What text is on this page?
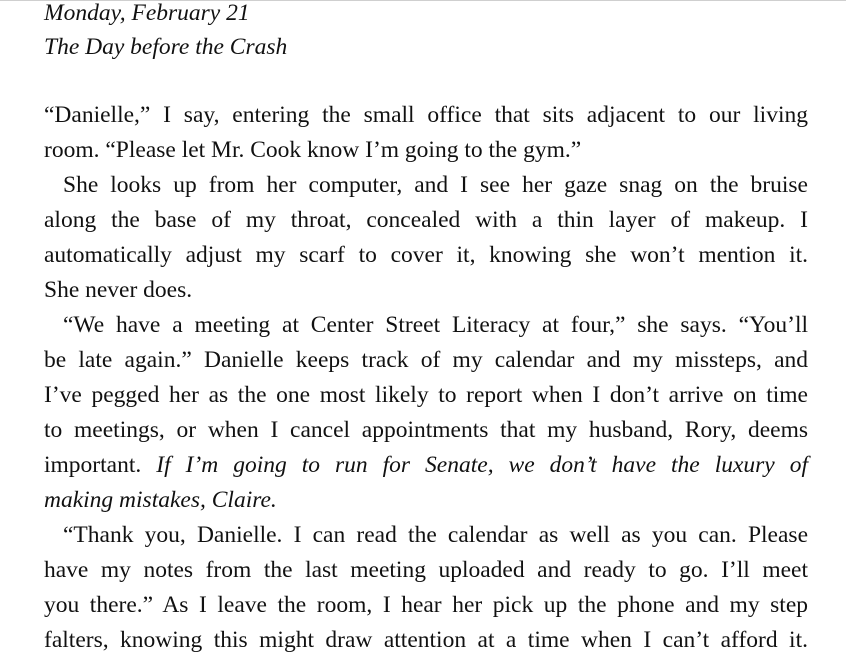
Monday, February 21
The Day before the Crash
“Danielle,” I say, entering the small office that sits adjacent to our living
room. “Please let Mr. Cook know I’m going to the gym.”
She looks up from her computer, and I see her gaze snag on the bruise
along the base of my throat, concealed with a thin layer of makeup. I
automatically adjust my scarf to cover it, knowing she won’t mention it.
She never does.
“We have a meeting at Center Street Literacy at four,” she says. “You’ll
be late again.” Danielle keeps track of my calendar and my missteps, and
I’ve pegged her as the one most likely to report when I don’t arrive on time
to meetings, or when I cancel appointments that my husband, Rory, deems
important. If I’m going to run for Senate, we don’t have the luxury of
making mistakes, Claire.
“Thank you, Danielle. I can read the calendar as well as you can. Please
have my notes from the last meeting uploaded and ready to go. I’ll meet
you there.” As I leave the room, I hear her pick up the phone and my step
falters, knowing this might draw attention at a time when I can’t afford it.
